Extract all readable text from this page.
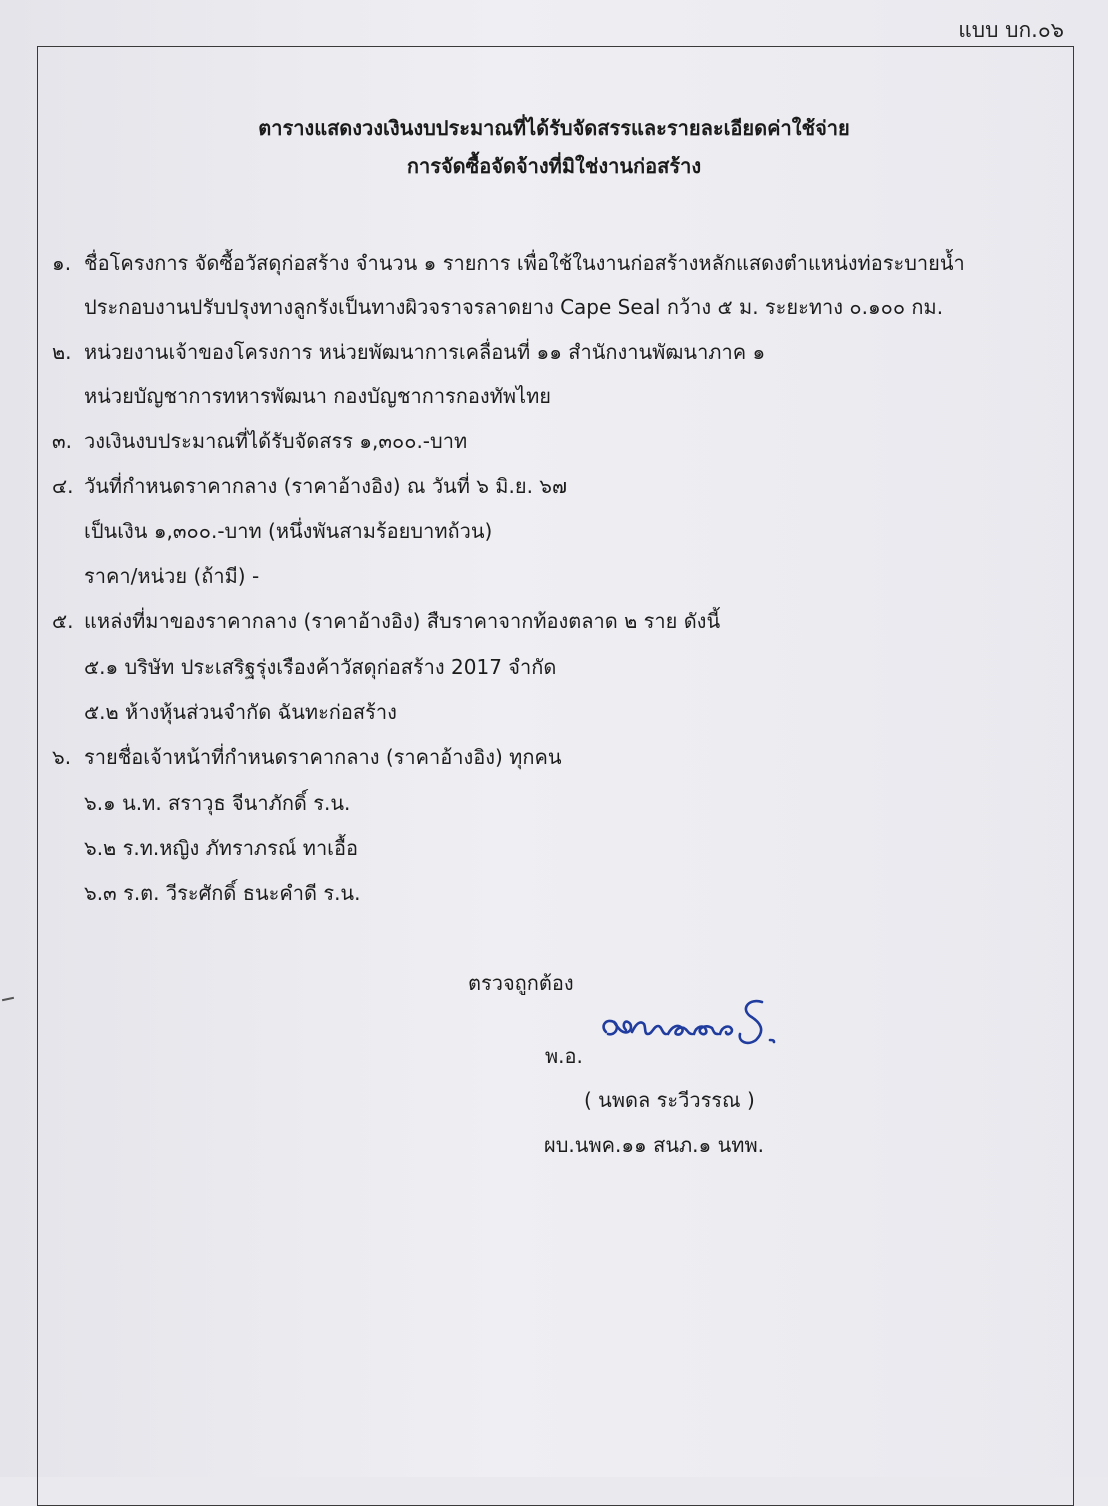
แบบ บก.๐๖
ตารางแสดงวงเงินงบประมาณที่ได้รับจัดสรรและรายละเอียดค่าใช้จ่าย
การจัดซื้อจัดจ้างที่มิใช่งานก่อสร้าง
๑. ชื่อโครงการ จัดซื้อวัสดุก่อสร้าง จำนวน ๑ รายการ เพื่อใช้ในงานก่อสร้างหลักแสดงตำแหน่งท่อระบายน้ำ
ประกอบงานปรับปรุงทางลูกรังเป็นทางผิวจราจรลาดยาง Cape Seal กว้าง ๕ ม. ระยะทาง ๐.๑๐๐ กม.
๒. หน่วยงานเจ้าของโครงการ หน่วยพัฒนาการเคลื่อนที่ ๑๑ สำนักงานพัฒนาภาค ๑
หน่วยบัญชาการทหารพัฒนา กองบัญชาการกองทัพไทย
๓. วงเงินงบประมาณที่ได้รับจัดสรร ๑,๓๐๐.-บาท
๔. วันที่กำหนดราคากลาง (ราคาอ้างอิง) ณ วันที่ ๖ มิ.ย. ๖๗
เป็นเงิน ๑,๓๐๐.-บาท (หนึ่งพันสามร้อยบาทถ้วน)
ราคา/หน่วย (ถ้ามี) -
๕. แหล่งที่มาของราคากลาง (ราคาอ้างอิง) สืบราคาจากท้องตลาด ๒ ราย ดังนี้
๕.๑ บริษัท ประเสริฐรุ่งเรืองค้าวัสดุก่อสร้าง 2017 จำกัด
๕.๒ ห้างหุ้นส่วนจำกัด ฉันทะก่อสร้าง
๖. รายชื่อเจ้าหน้าที่กำหนดราคากลาง (ราคาอ้างอิง) ทุกคน
๖.๑ น.ท. สราวุธ จีนาภักดิ์ ร.น.
๖.๒ ร.ท.หญิง ภัทราภรณ์ ทาเอื้อ
๖.๓ ร.ต. วีระศักดิ์ ธนะคำดี ร.น.
ตรวจถูกต้อง
พ.อ.
( นพดล ระวีวรรณ )
ผบ.นพค.๑๑ สนภ.๑ นทพ.
